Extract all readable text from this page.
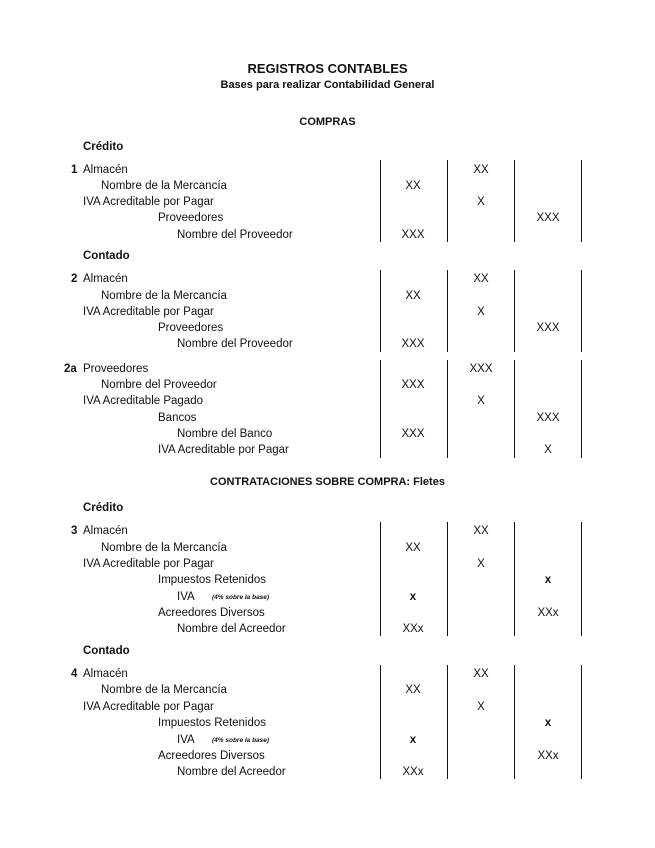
REGISTROS CONTABLES
Bases para realizar Contabilidad General
COMPRAS
CONTRATACIONES SOBRE COMPRA: Fletes
Crédito
Contado
Crédito
Contado
1 Almacén
Nombre de la Mercancía
IVA Acreditable por Pagar
Proveedores
Nombre del Proveedor
XX
XX
X
XXX
XXX
2 Almacén
Nombre de la Mercancía
IVA Acreditable por Pagar
Proveedores
Nombre del Proveedor
XX
XX
X
XXX
XXX
2a Proveedores
Nombre del Proveedor
IVA Acreditable Pagado
Bancos
Nombre del Banco
IVA Acreditable por Pagar
XXX
XXX
X
XXX
XXX
X
3 Almacén
Nombre de la Mercancía
IVA Acreditable por Pagar
Impuestos Retenidos
IVA	(4% sobre la base)
Acreedores Diversos
Nombre del Acreedor
XX
XX
X
x
x
XXx
XXx
4 Almacén
Nombre de la Mercancía
IVA Acreditable por Pagar
Impuestos Retenidos
IVA	(4% sobre la base)
Acreedores Diversos
Nombre del Acreedor
XX
XX
X
x
x
XXx
XXx
